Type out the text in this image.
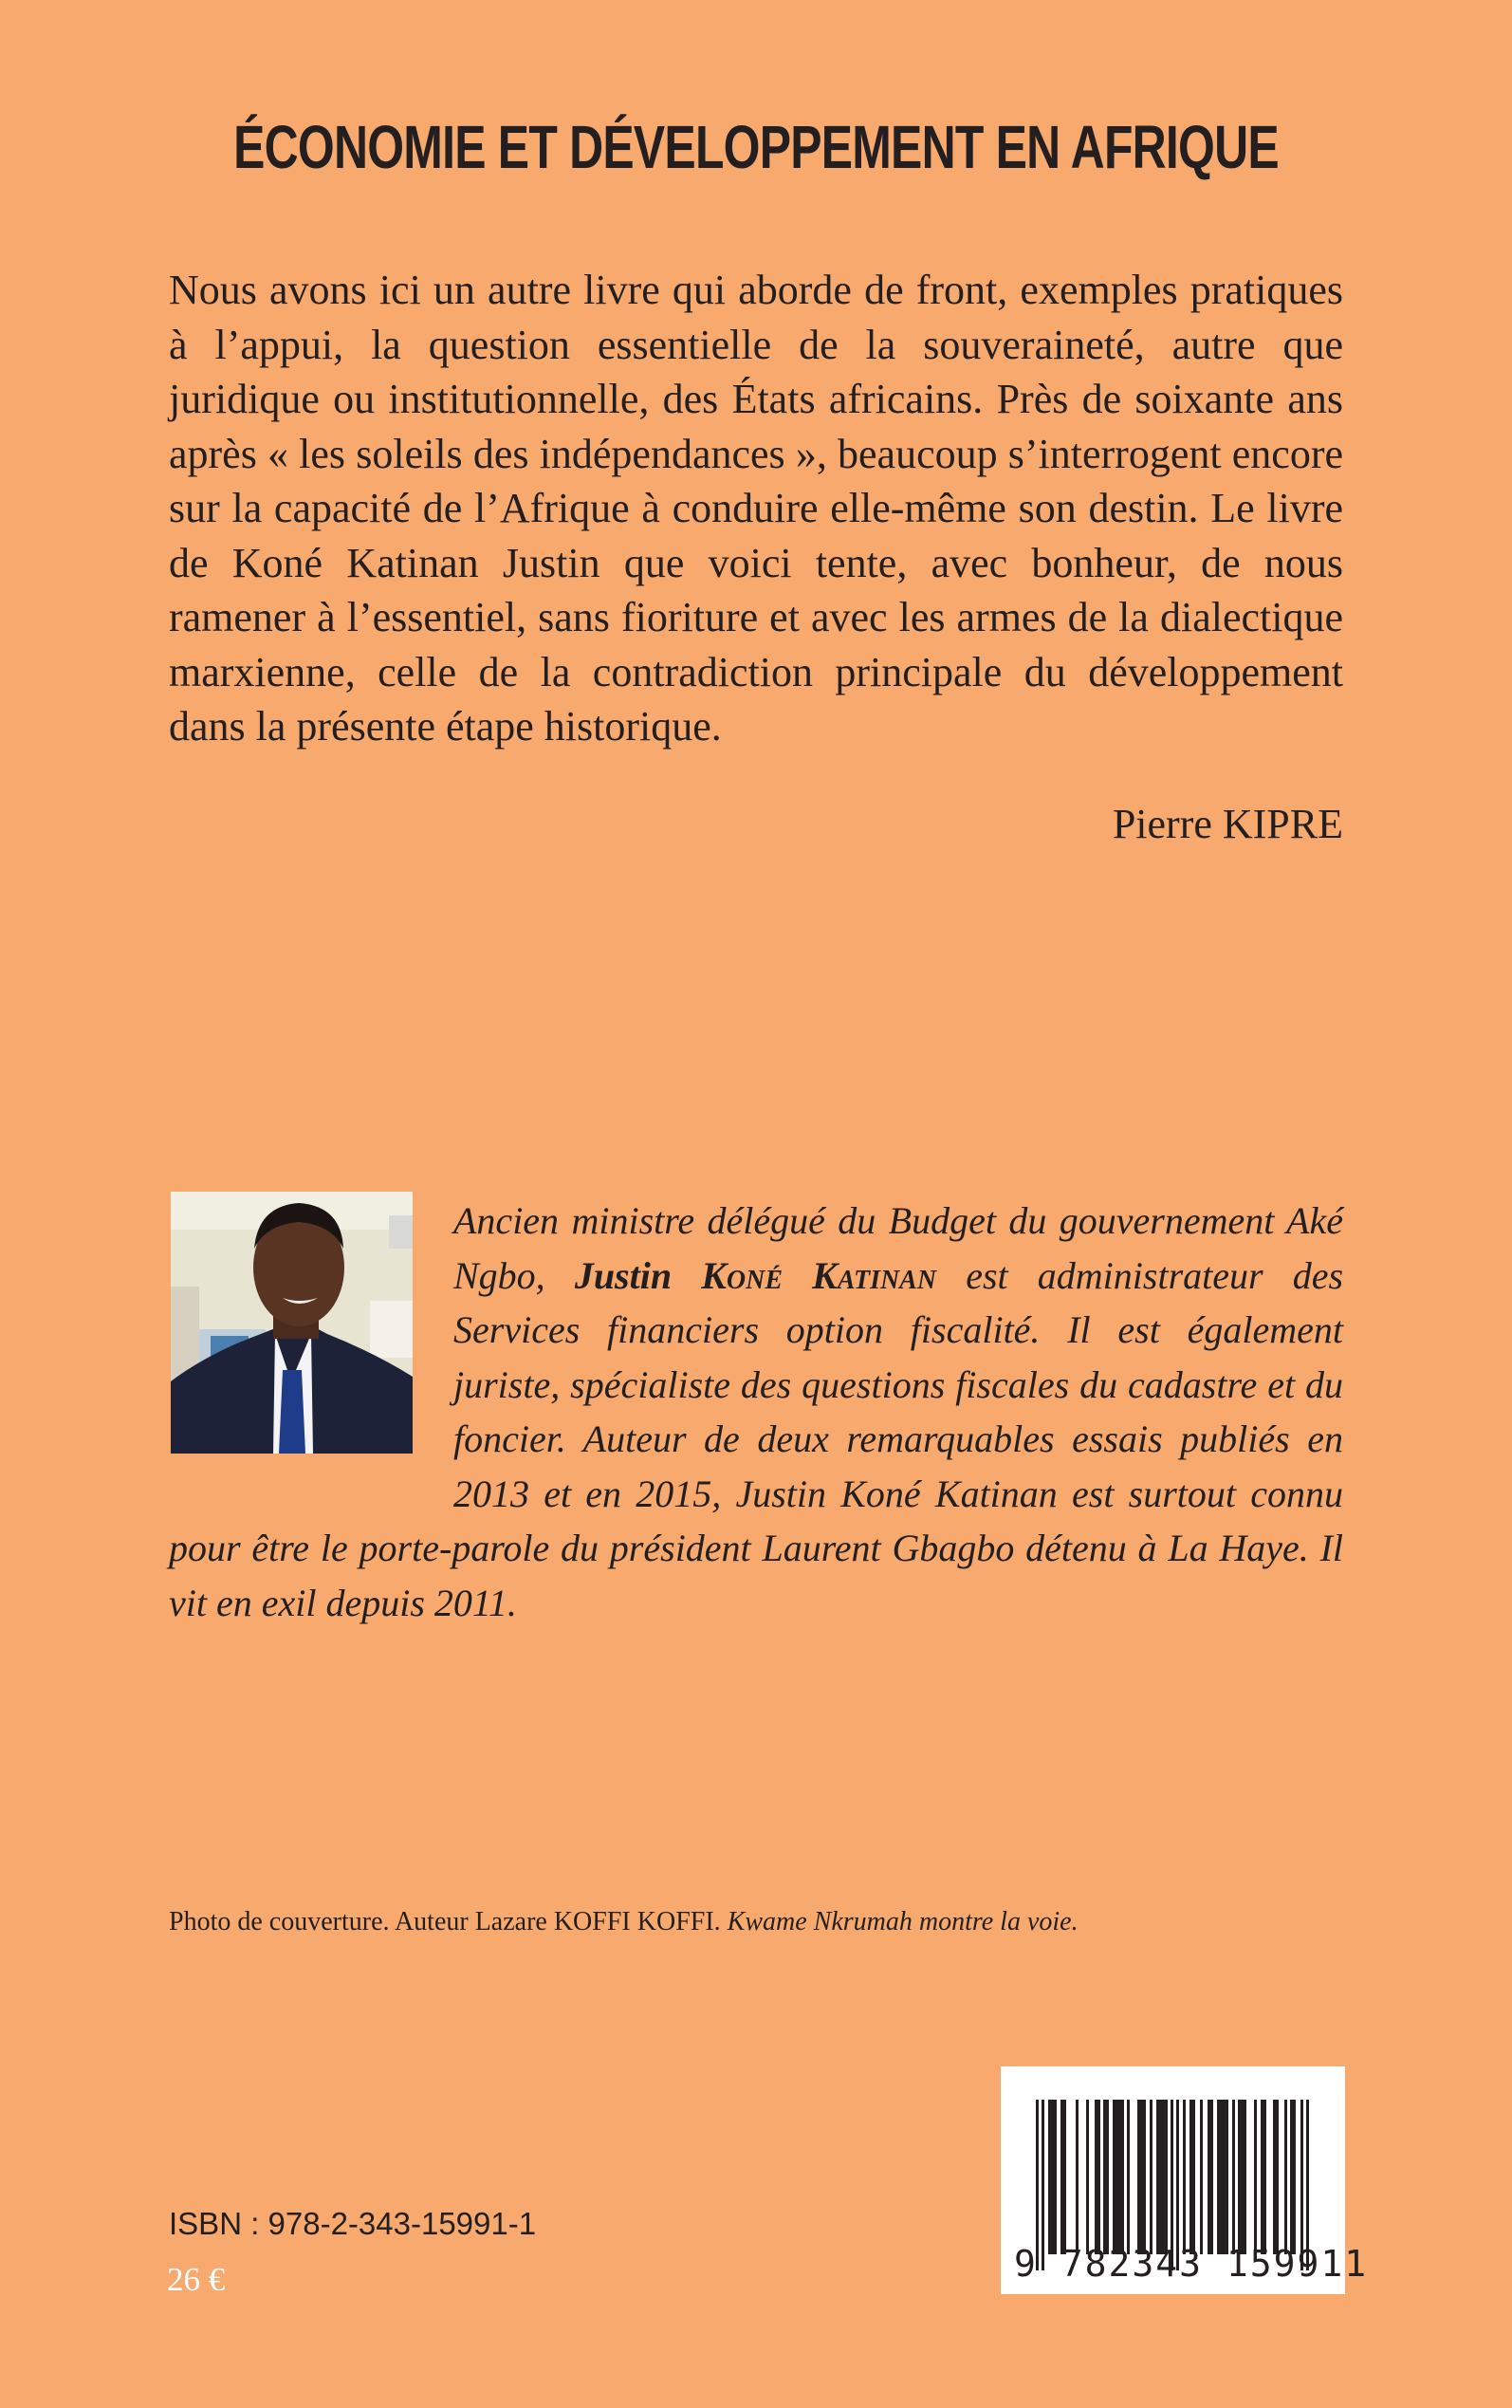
ÉCONOMIE ET DÉVELOPPEMENT EN AFRIQUE

Nous avons ici un autre livre qui aborde de front, exemples pratiques à l’appui, la question essentielle de la souveraineté, autre que juridique ou institutionnelle, des États africains. Près de soixante ans après « les soleils des indépendances », beaucoup s’interrogent encore sur la capacité de l’Afrique à conduire elle-même son destin. Le livre de Koné Katinan Justin que voici tente, avec bonheur, de nous ramener à l’essentiel, sans fioriture et avec les armes de la dialectique marxienne, celle de la contradiction principale du développement dans la présente étape historique.

Pierre KIPRE

Ancien ministre délégué du Budget du gouvernement Aké Ngbo, Justin Koné Katinan est administrateur des Services financiers option fiscalité. Il est également juriste, spécialiste des questions fiscales du cadastre et du foncier. Auteur de deux remarquables essais publiés en 2013 et en 2015, Justin Koné Katinan est surtout connu pour être le porte-parole du président Laurent Gbagbo détenu à La Haye. Il vit en exil depuis 2011.

Photo de couverture. Auteur Lazare KOFFI KOFFI. Kwame Nkrumah montre la voie.

ISBN : 978-2-343-15991-1

26 €	9 782343 159911
